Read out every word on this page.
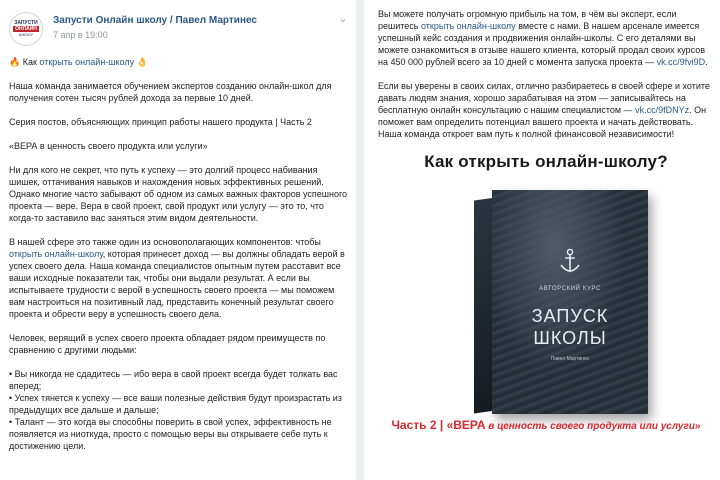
ЗАПУСТИ
ОНЛАЙН
ШКОЛУ
Запусти Онлайн школу / Павел Мартинес
7 апр в 19:00
⌄

🔥 Как открыть онлайн-школу 👌

Наша команда занимается обучением экспертов созданию онлайн-школ для получения сотен тысяч рублей дохода за первые 10 дней.

Серия постов, объясняющих принцип работы нашего продукта | Часть 2

«ВЕРА в ценность своего продукта или услуги»

Ни для кого не секрет, что путь к успеху — это долгий процесс набивания шишек, оттачивания навыков и нахождения новых эффективных решений. Однако многие часто забывают об одном из самых важных факторов успешного проекта — вере. Вера в свой проект, свой продукт или услугу — это то, что когда-то заставило вас заняться этим видом деятельности.

В нашей сфере это также один из основополагающих компонентов: чтобы открыть онлайн-школу, которая принесет доход — вы должны обладать верой в успех своего дела. Наша команда специалистов опытным путем расставит все ваши исходные показатели так, чтобы они выдали результат. А если вы испытываете трудности с верой в успешность своего проекта — мы поможем вам настроиться на позитивный лад, представить конечный результат своего проекта и обрести веру в успешность своего дела.

Человек, верящий в успех своего проекта обладает рядом преимуществ по сравнению с другими людьми:

• Вы никогда не сдадитесь — ибо вера в свой проект всегда будет толкать вас вперед;

• Успех тянется к успеху — все ваши полезные действия будут произрастать из предыдущих все дальше и дальше;

• Талант — это когда вы способны поверить в свой успех, эффективность не появляется из ниоткуда, просто с помощью веры вы открываете себе путь к достижению цели.

Вы можете получать огромную прибыль на том, в чём вы эксперт, если решитесь открыть онлайн-школу вместе с нами. В нашем арсенале имеется успешный кейс создания и продвижения онлайн-школы. С его деталями вы можете ознакомиться в отзыве нашего клиента, который продал своих курсов на 450 000 рублей всего за 10 дней с момента запуска проекта — vk.cc/9fvi9D.

Если вы уверены в своих силах, отлично разбираетесь в своей сфере и хотите давать людям знания, хорошо зарабатывая на этом — записывайтесь на бесплатную онлайн консультацию с нашим специалистом — vk.cc/9fDNYz. Он поможет вам определить потенциал вашего проекта и начать действовать. Наша команда откроет вам путь к полной финансовой независимости!

Как открыть онлайн-школу?
АВТОРСКИЙ КУРС
ЗАПУСК
ШКОЛЫ
Павел Мартинес
Часть 2 | «ВЕРА в ценность своего продукта или услуги»
